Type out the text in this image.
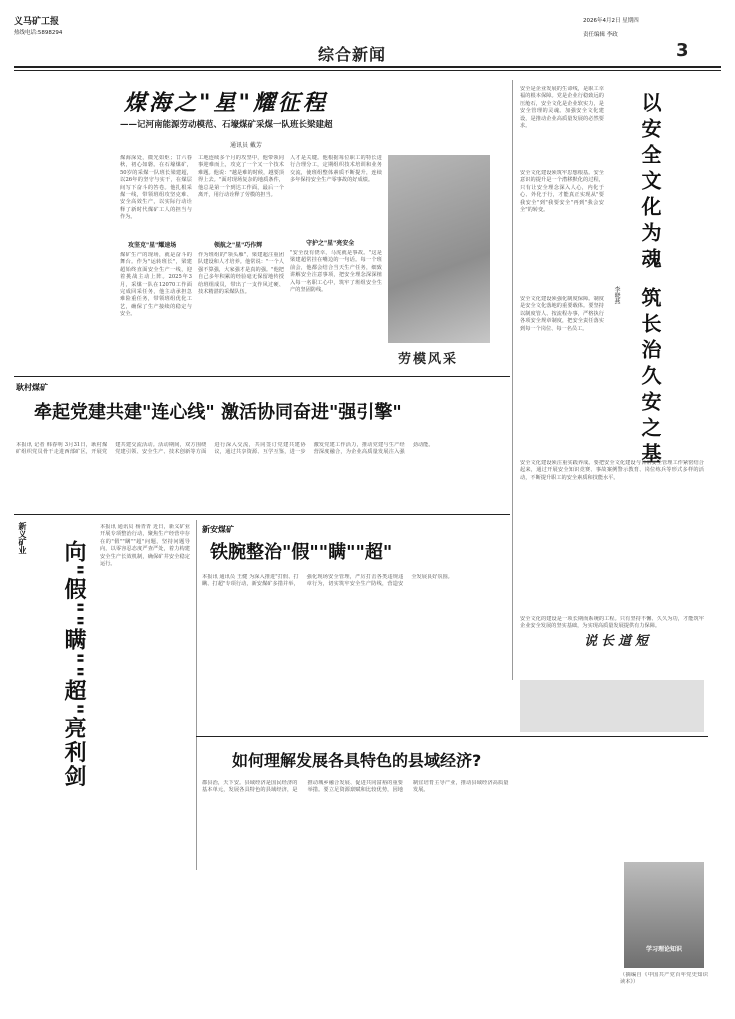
义马矿工报
热线电话:5898294
综合新闻
2026年4月2日 星期四
责任编辑 李政
3
煤海之"星"耀征程
——记河南能源劳动模范、石壕煤矿采煤一队班长梁建超
通讯员 戴芳
煤海深处，微光如炬；廿六春秋，初心如磐。在石壕煤矿，50岁的采煤一队班长梁建超，以26年的坚守与实干，在煤层间写下奋斗的答卷。他扎根采煤一线，带领班组攻坚克难、安全高效生产，以实际行动诠释了新时代煤矿工人的担当与作为。
攻坚克"星"耀速场
煤矿生产的现场，就是奋斗的舞台。作为"运转班长"，梁建超始终直面安全生产一线，迎着挑战主动上阵。2025年3月，采煤一队在12070工作面完成回采任务，他主动承担急难险重任务，带领班组优化工艺，确保了生产接续的稳定与安全。
工地连续多个月的攻坚中，他带领同事迎难而上，攻克了一个又一个技术难题。他说："越是难的时候，越要顶得上去。"面对现场复杂的地质条件，他总是第一个到达工作面，最后一个离开，用行动诠释了劳模的担当。
领航之"星"巧作辉
作为班组的"领头雁"，梁建超注重团队建设和人才培养。他常说："一个人强不算强，大家强才是真的强。"他把自己多年积累的经验毫无保留地传授给班组成员，带出了一支作风过硬、技术精湛的采煤队伍。
人才是关键。他根据每位职工的特长进行合理分工，定期组织技术培训和业务交流，使班组整体素质不断提升，连续多年保持安全生产零事故的好成绩。
守护之"星"亮安全
"安全没有侥幸，马虎就是事故。"这是梁建超常挂在嘴边的一句话。每一个班前会，他都会结合当天生产任务，细致讲解安全注意事项，把安全理念深深植入每一名职工心中，筑牢了班组安全生产的坚固防线。
劳模风采
安全是企业发展的生命线，是职工幸福的根本保障。党是企业行稳致远的压舱石，安全文化是企业软实力，是安全管理的灵魂。加强安全文化建设，是推动企业高质量发展的必然要求。
安全文化建设须筑牢思想根基。安全意识的提升是一个潜移默化的过程，只有让安全理念深入人心，内化于心、外化于行，才能真正实现从"要我安全"到"我要安全"再到"我会安全"的转变。	以安全文化为魂 筑长治久安之基
李晓燕
安全文化建设须强化制度保障。制度是安全文化落地的重要载体。要坚持以制度管人、按流程办事，严格执行各项安全规章制度，把安全责任落实到每一个岗位、每一名员工。
安全文化建设须注重实践养成。要把安全文化建设与日常安全管理工作紧密结合起来，通过开展安全知识竞赛、事故案例警示教育、岗位练兵等形式多样的活动，不断提升职工的安全素质和技能水平。
安全文化的建设是一项长期而系统的工程。只有坚持不懈、久久为功，才能筑牢企业安全发展的坚实基础，为实现高质量发展提供有力保障。
说长道短
耿村煤矿
牵起党建共建"连心线" 激活协同奋进"强引擎"
本报讯 记者 韩春明 3月31日，耿村煤矿组织党员骨干走进西部矿区，开展党建共建交流活动。活动期间，双方围绕党建引领、安全生产、技术创新等方面进行深入交流，共同签订党建共建协议，通过共享资源、互学互鉴，进一步激发党建工作活力，推动党建与生产经营深度融合，为企业高质量发展注入强劲动能。
新义矿业
向"假""瞒""超"亮利剑
本报讯 通讯员 杨青青 近日，新义矿业开展专项整治行动，聚焦生产经营中存在的"假""瞒""超"问题，坚持问题导向，以零容忍态度严查严处，着力构建安全生产长效机制，确保矿井安全稳定运行。
新安煤矿
铁腕整治"假""瞒""超"
本报讯 通讯员 王健 为深入推进"打假、打瞒、打超"专项行动，新安煤矿多措并举，强化现场安全管理，严厉打击各类违规违章行为，切实筑牢安全生产防线，营造安全发展良好氛围。
如何理解发展各具特色的县域经济?
郡县治，天下安。县域经济是国民经济的基本单元，发展各具特色的县域经济，是推动城乡融合发展、促进共同富裕的重要举措。要立足资源禀赋和比较优势，因地制宜培育主导产业，推动县域经济高质量发展。
学习理论知识
（摘编自《中国共产党百年党史知识读本》）
